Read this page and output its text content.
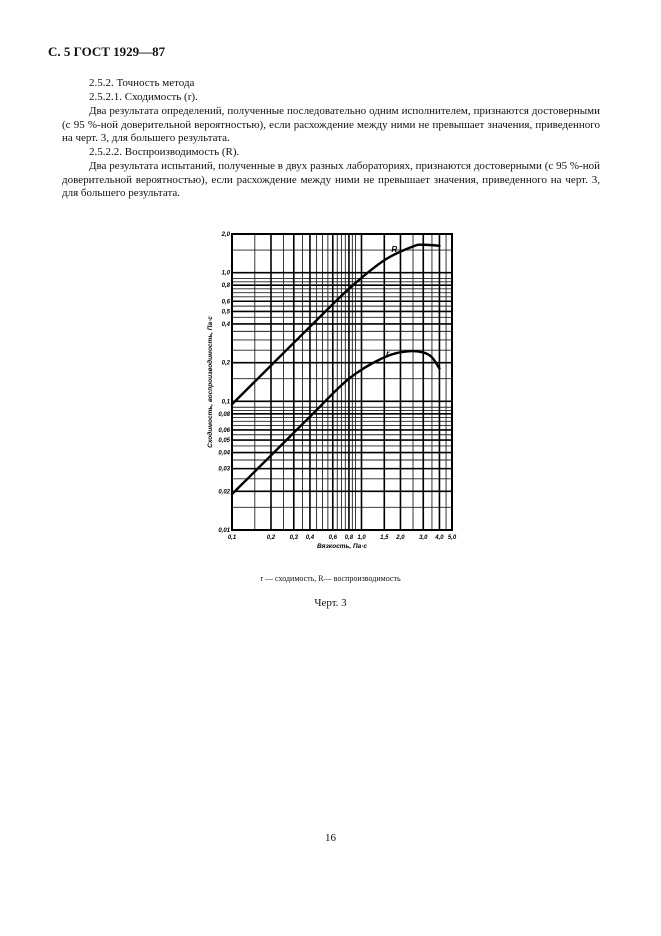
С. 5 ГОСТ 1929—87
2.5.2. Точность метода
2.5.2.1. Сходимость (r).
Два результата определений, полученные последовательно одним исполнителем, признаются достоверными (с 95 %-ной доверительной вероятностью), если расхождение между ними не превышает значения, приведенного на черт. 3, для большего результата.
2.5.2.2. Воспроизводимость (R).
Два результата испытаний, полученные в двух разных лабораториях, признаются достоверными (с 95 %-ной доверительной вероятностью), если расхождение между ними не превышает значения, приведенного на черт. 3, для большего результата.
0,1	0,2 0,3 0,4 0,6 0,8 1,0 1,5 2,0 3,0 4,0 5,0
0,01
0,02
0,03
0,04
0,05
0,06
0,08
0,1
0,2
0,4
0,5
0,6
0,8
1,0
2,0
Вязкость, Па·с
Сходимость, воспроизводимость, Па·с
R
r
r — сходимость, R— воспроизводимость
Черт. 3
16
